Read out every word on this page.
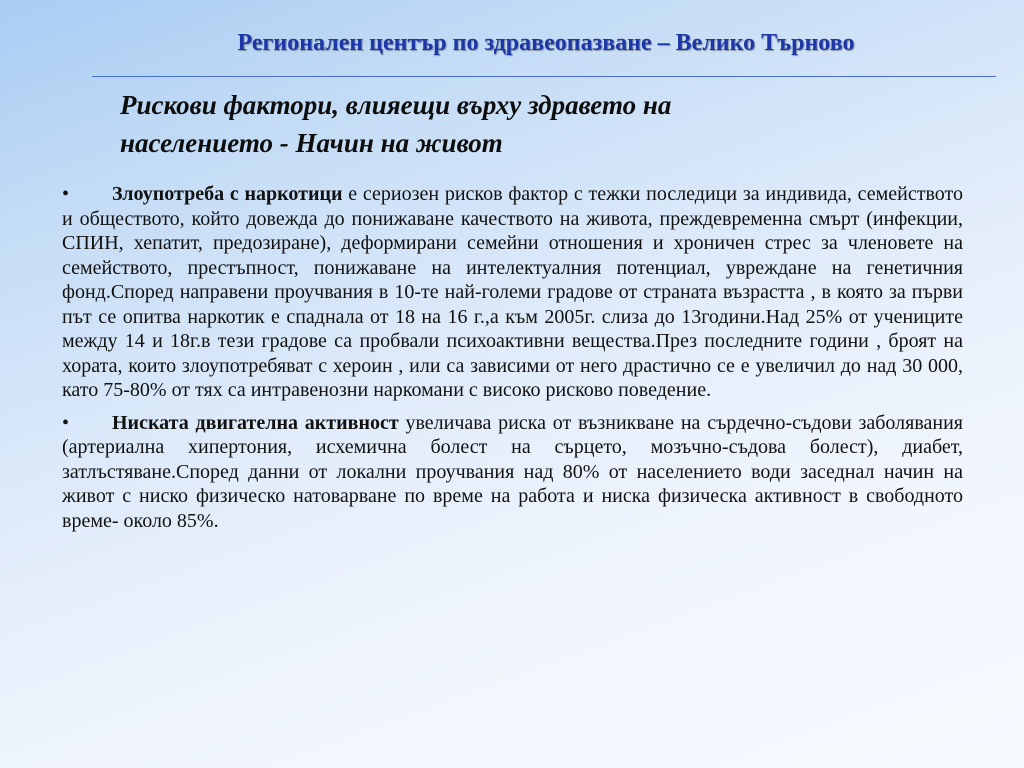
Регионален център по здравеопазване – Велико Търново
Рискови фактори, влияещи върху здравето на
населението - Начин на живот

• Злоупотреба с наркотици е сериозен рисков фактор с тежки последици за индивида, семейството и обществото, който довежда до понижаване качеството на живота, преждевременна смърт (инфекции, СПИН, хепатит, предозиране), деформирани семейни отношения и хроничен стрес за членовете на семейството, престъпност, понижаване на интелектуалния потенциал, увреждане на генетичния фонд.Според направени проучвания в 10-те най-големи градове от страната възрастта , в която за първи път се опитва наркотик е спаднала от 18 на 16 г.,а към 2005г. слиза до 13години.Над 25% от учениците между 14 и 18г.в тези градове са пробвали психоактивни вещества.През последните години , броят на хората, които злоупотребяват с хероин , или са зависими от него драстично се е увеличил до над 30 000, като 75-80% от тях са интравенозни наркомани с високо рисково поведение.

• Ниската двигателна активност увеличава риска от възникване на сърдечно-съдови заболявания (артериална хипертония, исхемична болест на сърцето, мозъчно-съдова болест), диабет, затлъстяване.Според данни от локални проучвания над 80% от населението води заседнал начин на живот с ниско физическо натоварване по време на работа и ниска физическа активност в свободното време- около 85%.
